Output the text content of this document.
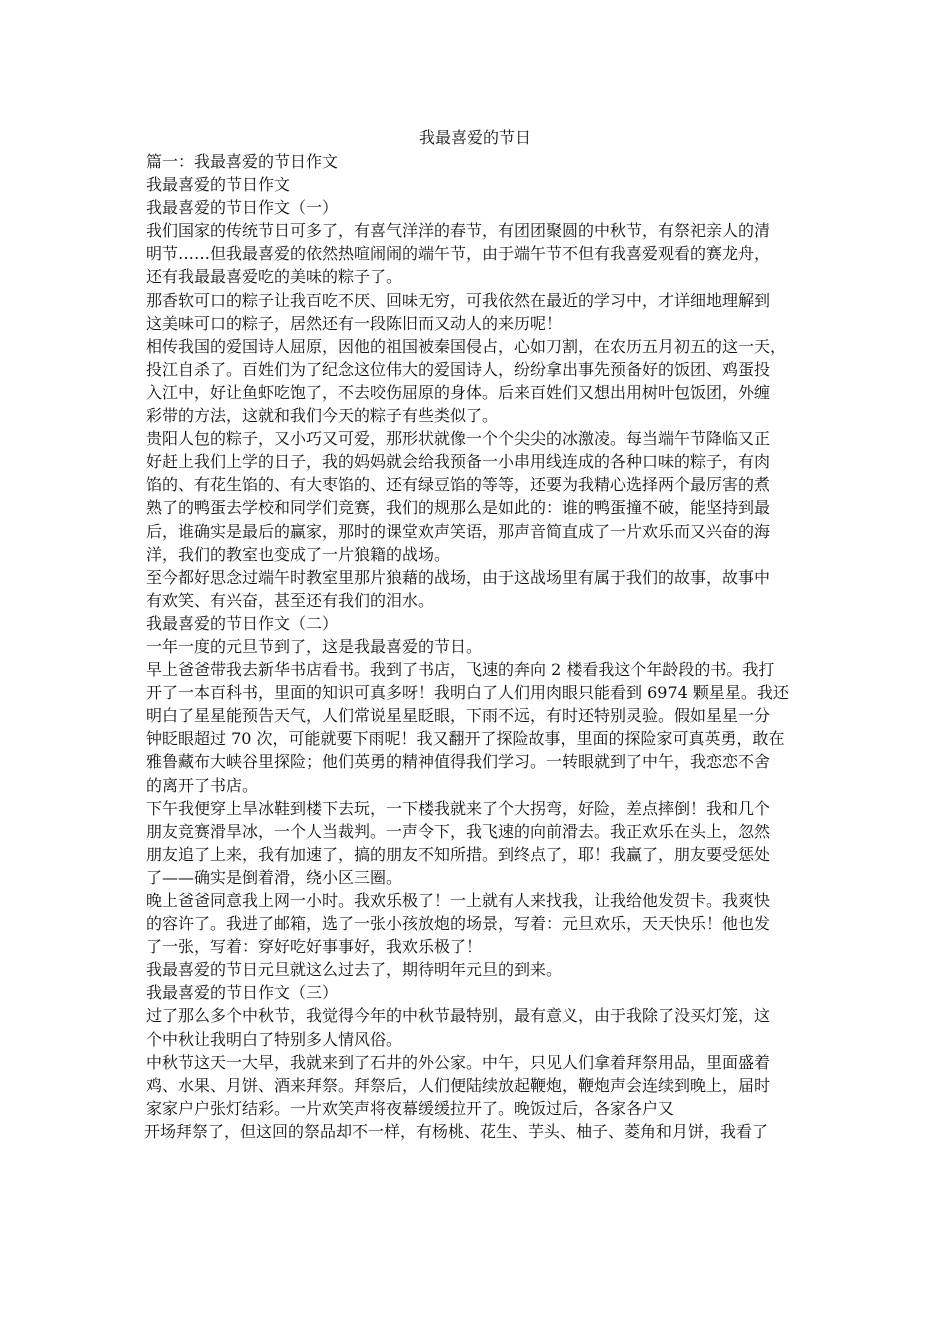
我最喜爱的节日
篇一：我最喜爱的节日作文
我最喜爱的节日作文
我最喜爱的节日作文（一）
我们国家的传统节日可多了，有喜气洋洋的春节，有团团聚圆的中秋节，有祭祀亲人的清
明节……但我最喜爱的依然热喧闹闹的端午节，由于端午节不但有我喜爱观看的赛龙舟，
还有我最最喜爱吃的美味的粽子了。
那香软可口的粽子让我百吃不厌、回味无穷，可我依然在最近的学习中，才详细地理解到
这美味可口的粽子，居然还有一段陈旧而又动人的来历呢！
相传我国的爱国诗人屈原，因他的祖国被秦国侵占，心如刀割，在农历五月初五的这一天，
投江自杀了。百姓们为了纪念这位伟大的爱国诗人，纷纷拿出事先预备好的饭团、鸡蛋投
入江中，好让鱼虾吃饱了，不去咬伤屈原的身体。后来百姓们又想出用树叶包饭团，外缠
彩带的方法，这就和我们今天的粽子有些类似了。
贵阳人包的粽子，又小巧又可爱，那形状就像一个个尖尖的冰激凌。每当端午节降临又正
好赶上我们上学的日子，我的妈妈就会给我预备一小串用线连成的各种口味的粽子，有肉
馅的、有花生馅的、有大枣馅的、还有绿豆馅的等等，还要为我精心选择两个最厉害的煮
熟了的鸭蛋去学校和同学们竞赛，我们的规那么是如此的：谁的鸭蛋撞不破，能坚持到最
后，谁确实是最后的赢家，那时的课堂欢声笑语，那声音简直成了一片欢乐而又兴奋的海
洋，我们的教室也变成了一片狼籍的战场。
至今都好思念过端午时教室里那片狼藉的战场，由于这战场里有属于我们的故事，故事中
有欢笑、有兴奋，甚至还有我们的泪水。
我最喜爱的节日作文（二）
一年一度的元旦节到了，这是我最喜爱的节日。
早上爸爸带我去新华书店看书。我到了书店，飞速的奔向 2 楼看我这个年龄段的书。我打
开了一本百科书，里面的知识可真多呀！我明白了人们用肉眼只能看到 6974 颗星星。我还
明白了星星能预告天气，人们常说星星眨眼，下雨不远，有时还特别灵验。假如星星一分
钟眨眼超过 70 次，可能就要下雨呢！我又翻开了探险故事，里面的探险家可真英勇，敢在
雅鲁藏布大峡谷里探险；他们英勇的精神值得我们学习。一转眼就到了中午，我恋恋不舍
的离开了书店。
下午我便穿上旱冰鞋到楼下去玩，一下楼我就来了个大拐弯，好险，差点摔倒！我和几个
朋友竞赛滑旱冰，一个人当裁判。一声令下，我飞速的向前滑去。我正欢乐在头上，忽然
朋友追了上来，我有加速了，搞的朋友不知所措。到终点了，耶！我赢了，朋友要受惩处
了——确实是倒着滑，绕小区三圈。
晚上爸爸同意我上网一小时。我欢乐极了！一上就有人来找我，让我给他发贺卡。我爽快
的容许了。我进了邮箱，选了一张小孩放炮的场景，写着：元旦欢乐，天天快乐！他也发
了一张，写着：穿好吃好事事好，我欢乐极了！
我最喜爱的节日元旦就这么过去了，期待明年元旦的到来。
我最喜爱的节日作文（三）
过了那么多个中秋节，我觉得今年的中秋节最特别，最有意义，由于我除了没买灯笼，这
个中秋让我明白了特别多人情风俗。
中秋节这天一大早，我就来到了石井的外公家。中午，只见人们拿着拜祭用品，里面盛着
鸡、水果、月饼、酒来拜祭。拜祭后，人们便陆续放起鞭炮，鞭炮声会连续到晚上，届时
家家户户张灯结彩。一片欢笑声将夜幕缓缓拉开了。晚饭过后，各家各户又
开场拜祭了，但这回的祭品却不一样，有杨桃、花生、芋头、柚子、菱角和月饼，我看了
